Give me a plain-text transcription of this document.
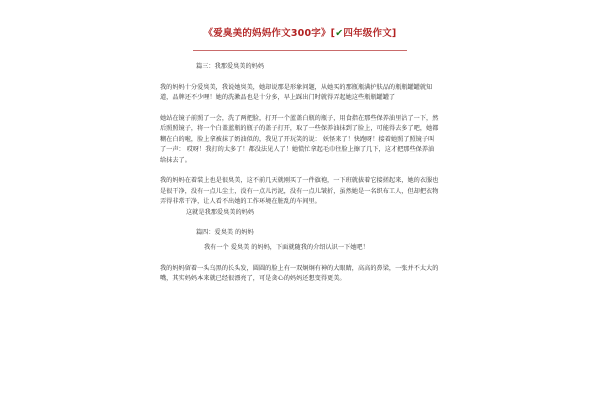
《爱臭美的妈妈作文300字》[✔四年级作文]

篇三：我那爱臭美的妈妈

我的妈妈十分爱臭美，我说她臭美，她却说那是形象问题，从她买的那瓶瓶满护肤品的瓶瓶罐罐就知道，品牌还不少哩！她的洗漱品也是十分多，早上踩出门时就得弄起她这些瓶瓶罐罐了

她站在镜子前照了一会，洗了两把脸，打开一个蓝盖白瓶的瓶子，用食指在那些保养油里沾了一下，然后照照镜子，将一个白盖蓝瓶的瓶子的盖子打开，取了一些保养油抹到了脸上，可能得去多了吧，她都糊在白的啦，脸上拿被抹了奶油似的，我见了开玩笑的说： 妖怪来了！快跑呀！接着她照了照镜子叫了一声： 哎呀！我打的太多了！都没法见人了！她慌忙拿起毛巾往脸上擦了几下，这才把那些保养油给抹去了。

我的妈妈在着装上也是很臭美，这不前几天就刚买了一件旗袍，一下班就拔着它接搓起来，她的衣服也是很干净，没有一点儿尘土，没有一点儿污泥，没有一点儿皱折，虽然她是一名织布工人，但却把衣物弄得非常干净，让人看不出她的工作环境在脏乱的车间里。

这就是我那爱臭美的妈妈

篇四：爱臭美 的妈妈

我有一个 爱臭美 的妈妈，下面就随我的介绍认识一下她吧！

我的妈妈留着一头乌黑的长头发，圆圆的脸上有一双炯炯有神的大眼睛，高高的鼻梁，一张并不太大的嘴，其实妈妈本来就已经很漂亮了，可是贪心的妈妈还想变得更美。
